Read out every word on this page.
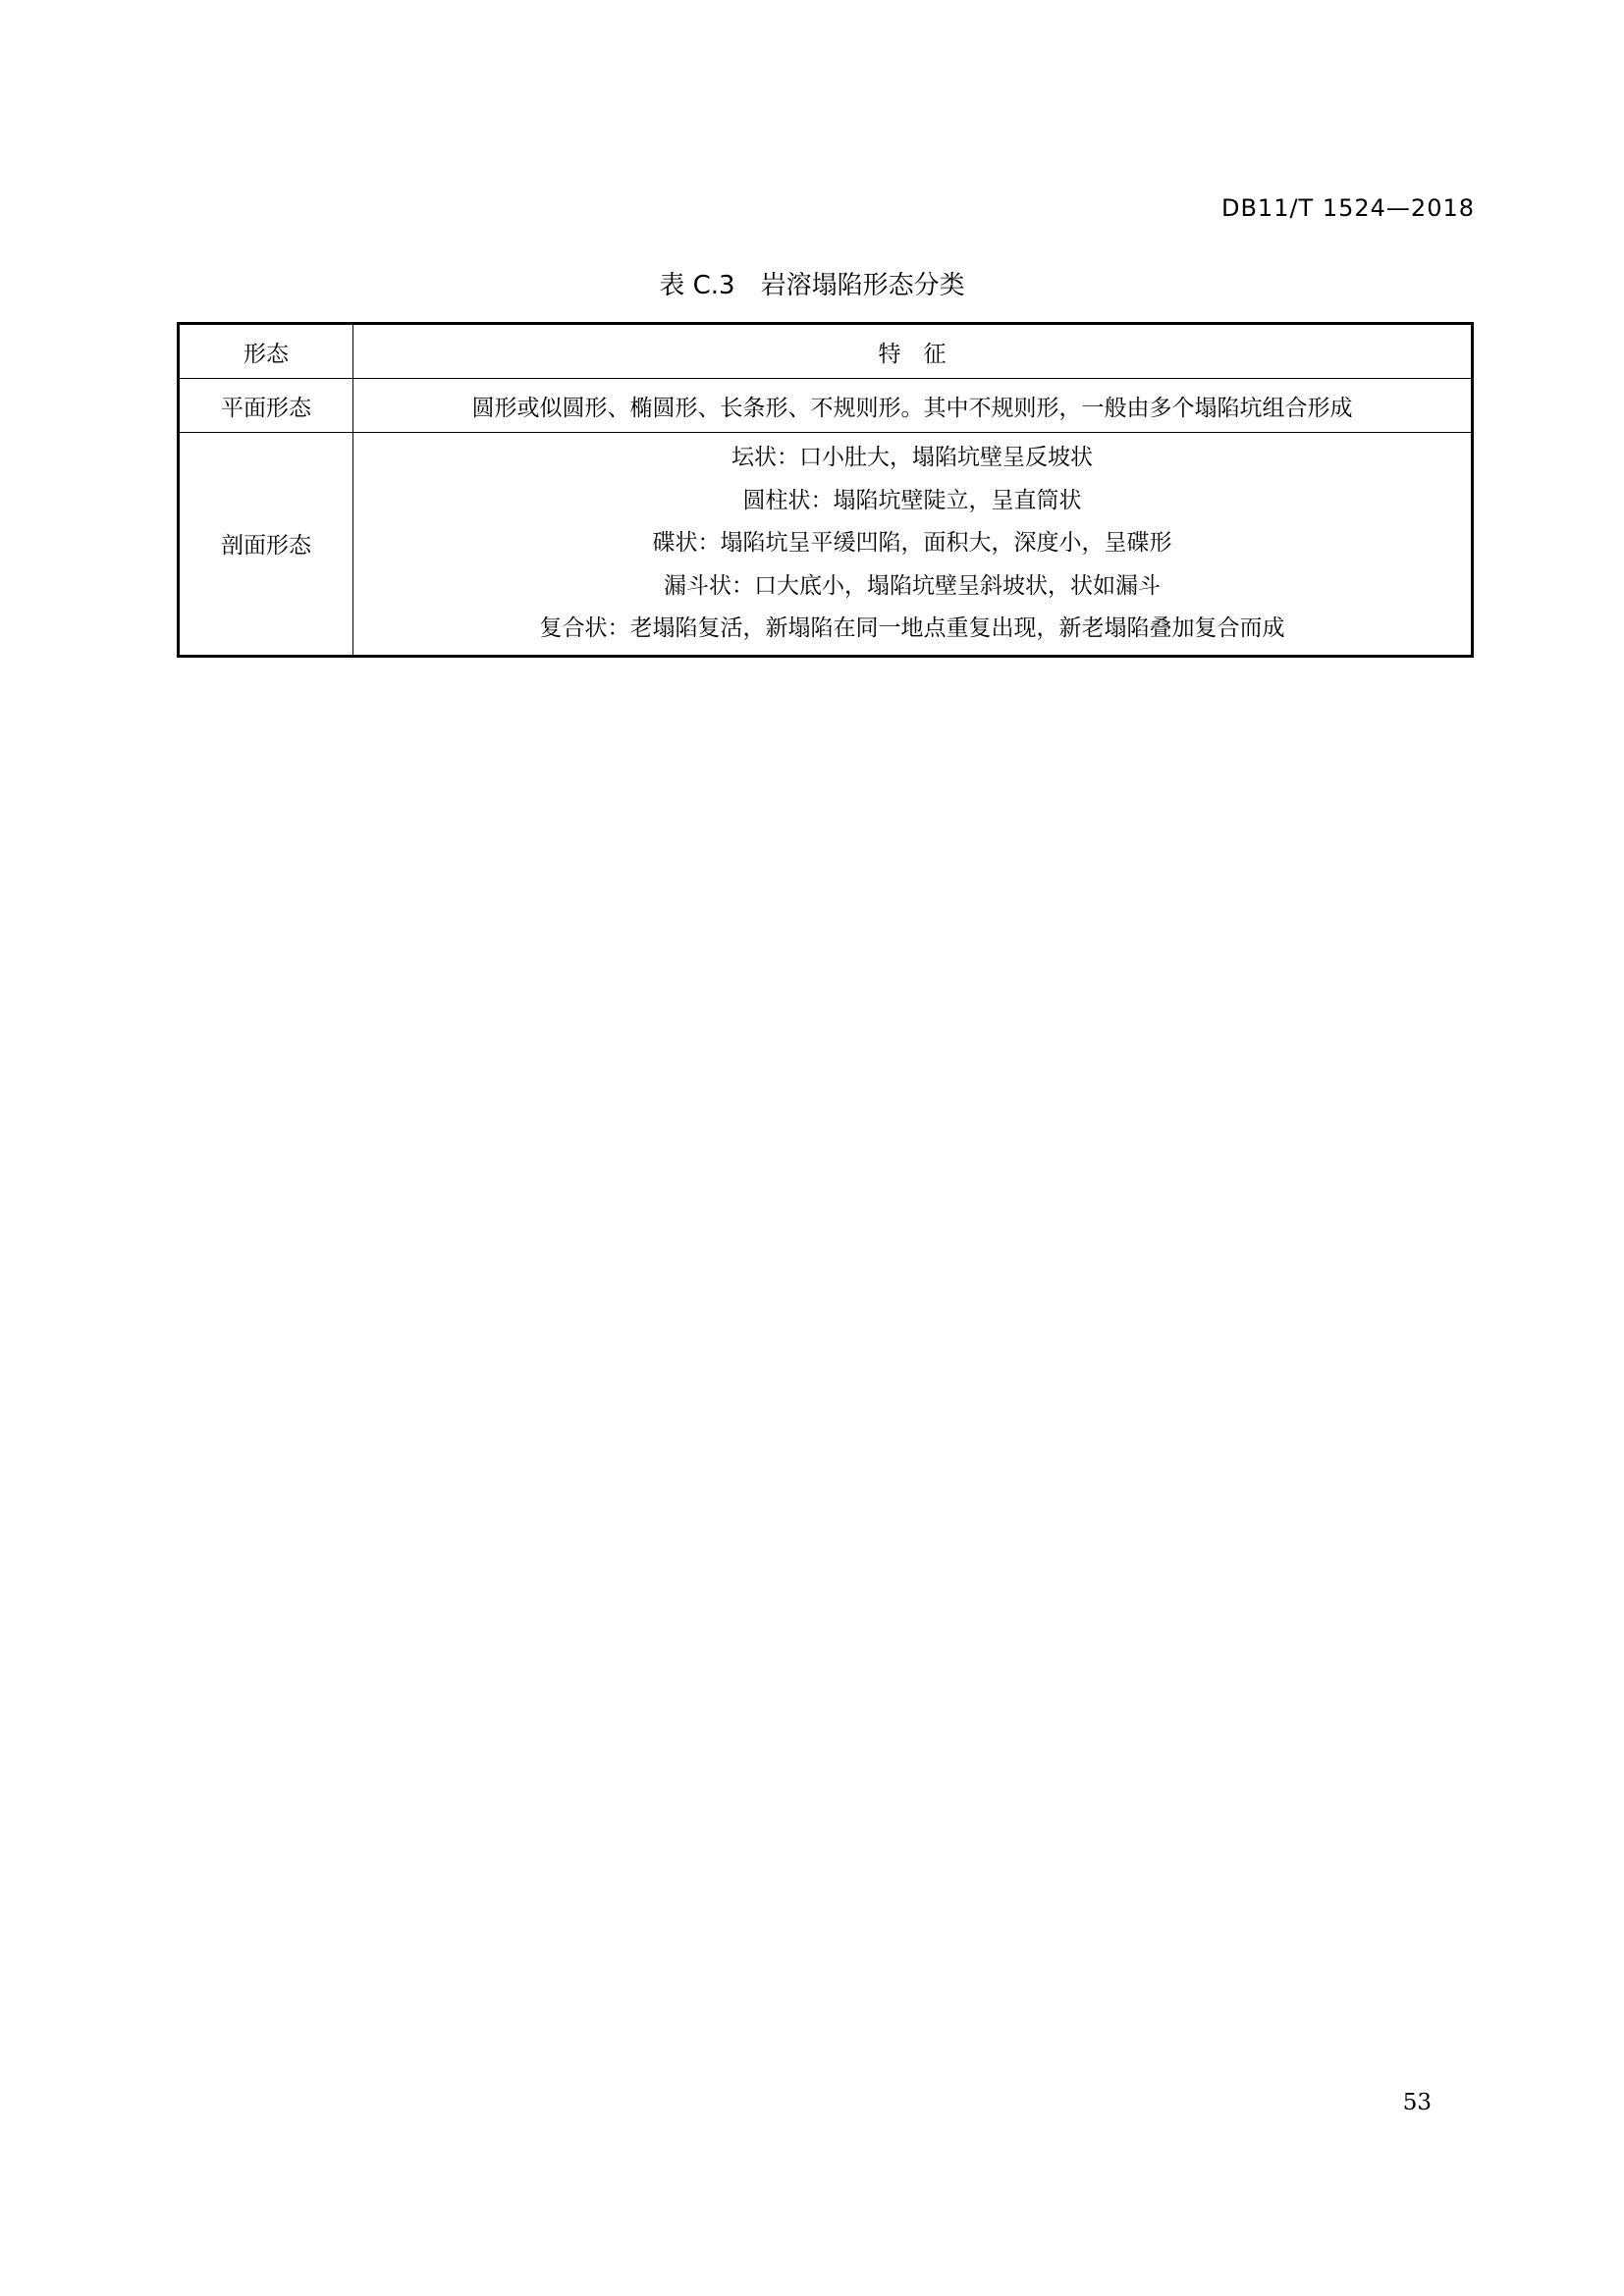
DB11/T 1524—2018
表 C.3 岩溶塌陷形态分类
形态	特　征
平面形态	圆形或似圆形、椭圆形、长条形、不规则形。其中不规则形，一般由多个塌陷坑组合形成
剖面形态	坛状：口小肚大，塌陷坑壁呈反坡状
圆柱状：塌陷坑壁陡立，呈直筒状
碟状：塌陷坑呈平缓凹陷，面积大，深度小，呈碟形
漏斗状：口大底小，塌陷坑壁呈斜坡状，状如漏斗
复合状：老塌陷复活，新塌陷在同一地点重复出现，新老塌陷叠加复合而成
53
